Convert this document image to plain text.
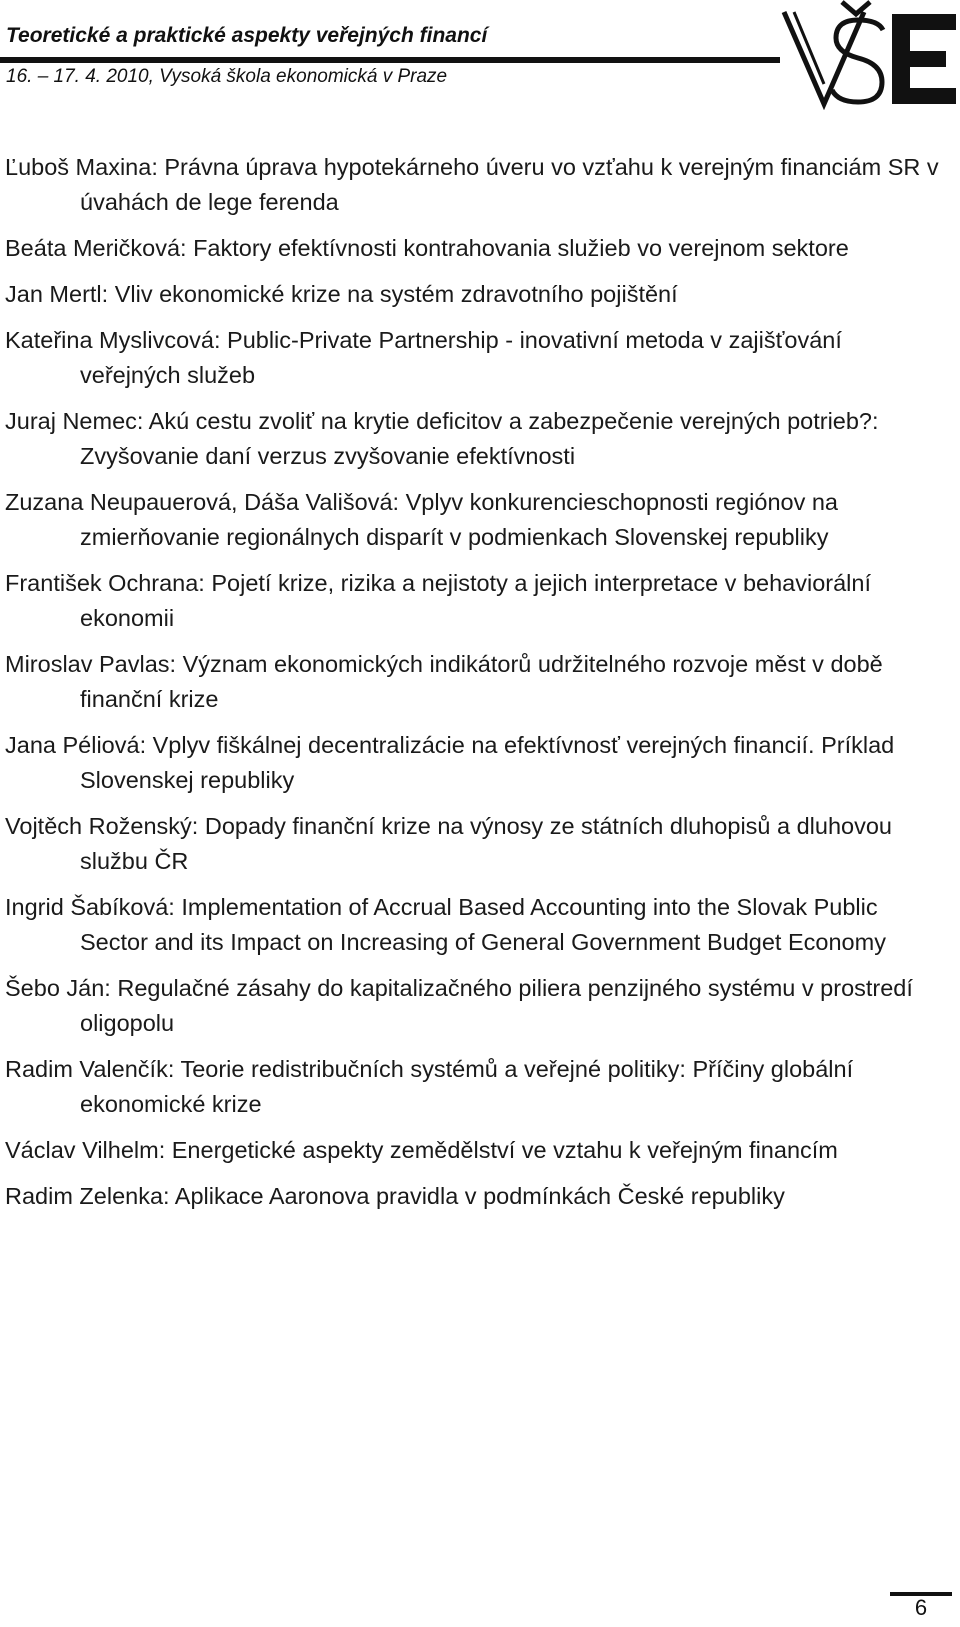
Teoretické a praktické aspekty veřejných financí
16. – 17. 4. 2010, Vysoká škola ekonomická v Praze

Ľuboš Maxina: Právna úprava hypotekárneho úveru vo vzťahu k verejným financiám SR v úvahách de lege ferenda

Beáta Meričková: Faktory efektívnosti kontrahovania služieb vo verejnom sektore

Jan Mertl: Vliv ekonomické krize na systém zdravotního pojištění

Kateřina Myslivcová: Public-Private Partnership - inovativní metoda v zajišťování veřejných služeb

Juraj Nemec: Akú cestu zvoliť na krytie deficitov a zabezpečenie verejných potrieb?: Zvyšovanie daní verzus zvyšovanie efektívnosti

Zuzana Neupauerová, Dáša Vališová: Vplyv konkurencieschopnosti regiónov na zmierňovanie regionálnych disparít v podmienkach Slovenskej republiky

František Ochrana: Pojetí krize, rizika a nejistoty a jejich interpretace v behaviorální ekonomii

Miroslav Pavlas: Význam ekonomických indikátorů udržitelného rozvoje měst v době finanční krize

Jana Péliová: Vplyv fiškálnej decentralizácie na efektívnosť verejných financií. Príklad Slovenskej republiky

Vojtěch Roženský: Dopady finanční krize na výnosy ze státních dluhopisů a dluhovou službu ČR

Ingrid Šabíková: Implementation of Accrual Based Accounting into the Slovak Public Sector and its Impact on Increasing of General Government Budget Economy

Šebo Ján: Regulačné zásahy do kapitalizačného piliera penzijného systému v prostredí oligopolu

Radim Valenčík: Teorie redistribučních systémů a veřejné politiky: Příčiny globální ekonomické krize

Václav Vilhelm: Energetické aspekty zemědělství ve vztahu k veřejným financím

Radim Zelenka: Aplikace Aaronova pravidla v podmínkách České republiky

6
